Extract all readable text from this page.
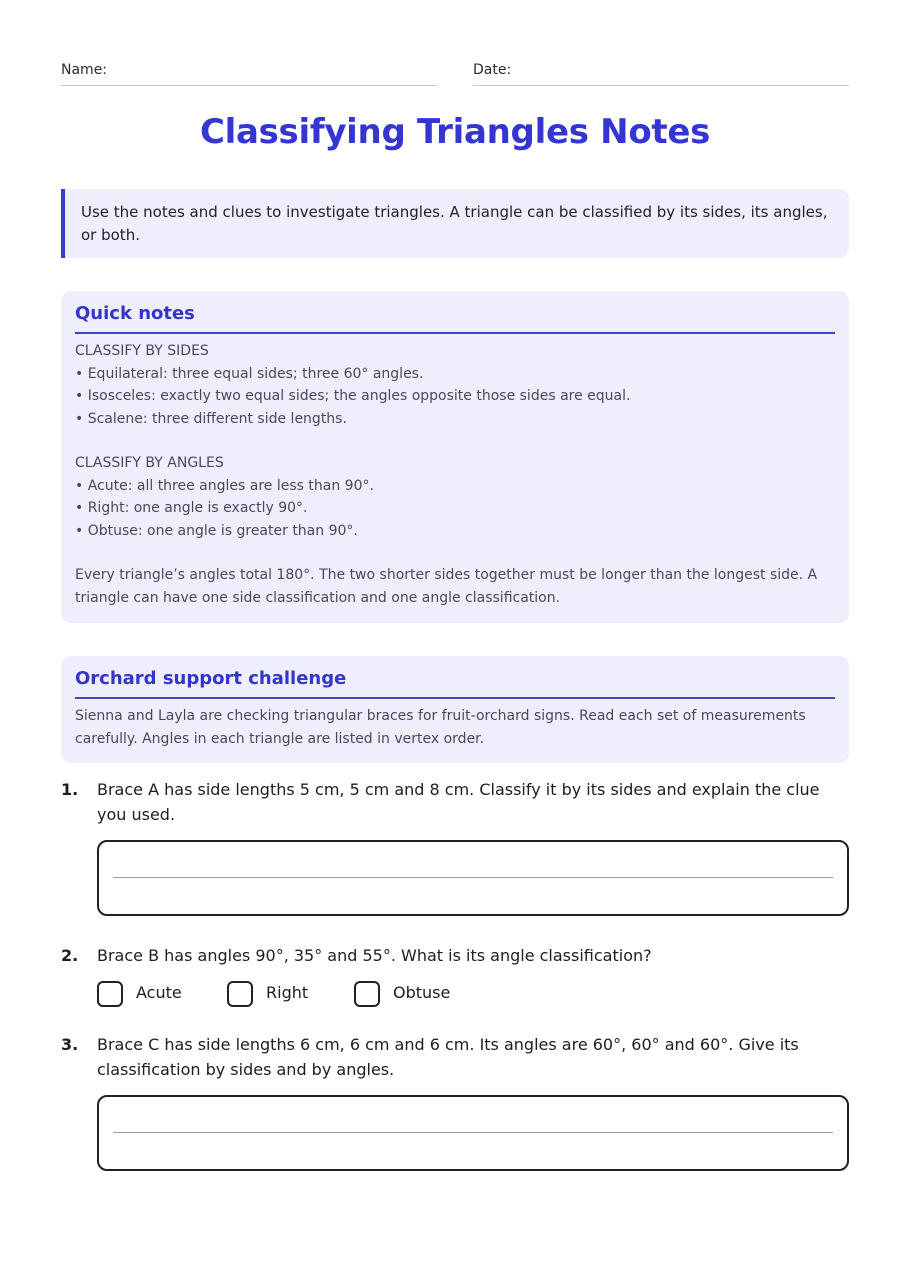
Name:	Date:
Classifying Triangles Notes
Use the notes and clues to investigate triangles. A triangle can be classified by its sides, its angles, or both.
Quick notes

CLASSIFY BY SIDES

• Equilateral: three equal sides; three 60° angles.

• Isosceles: exactly two equal sides; the angles opposite those sides are equal.

• Scalene: three different side lengths.

CLASSIFY BY ANGLES

• Acute: all three angles are less than 90°.

• Right: one angle is exactly 90°.

• Obtuse: one angle is greater than 90°.

Every triangle’s angles total 180°. The two shorter sides together must be longer than the longest side. A triangle can have one side classification and one angle classification.

Orchard support challenge

Sienna and Layla are checking triangular braces for fruit-orchard signs. Read each set of measurements carefully. Angles in each triangle are listed in vertex order.

1. Brace A has side lengths 5 cm, 5 cm and 8 cm. Classify it by its sides and explain the clue you used.
2. Brace B has angles 90°, 35° and 55°. What is its angle classification?
Acute	Right	Obtuse
3. Brace C has side lengths 6 cm, 6 cm and 6 cm. Its angles are 60°, 60° and 60°. Give its classification by sides and by angles.
